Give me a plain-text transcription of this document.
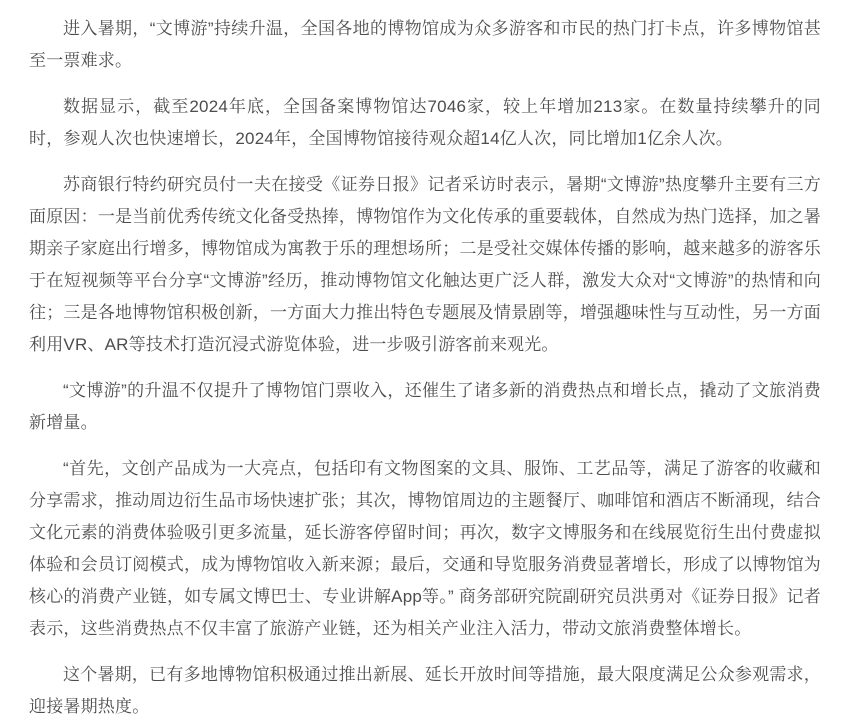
进入暑期，“文博游”持续升温，全国各地的博物馆成为众多游客和市民的热门打卡点，许多博物馆甚至一票难求。

数据显示，截至2024年底，全国备案博物馆达7046家，较上年增加213家。在数量持续攀升的同时，参观人次也快速增长，2024年，全国博物馆接待观众超14亿人次，同比增加1亿余人次。

苏商银行特约研究员付一夫在接受《证券日报》记者采访时表示，暑期“文博游”热度攀升主要有三方面原因：一是当前优秀传统文化备受热捧，博物馆作为文化传承的重要载体，自然成为热门选择，加之暑期亲子家庭出行增多，博物馆成为寓教于乐的理想场所；二是受社交媒体传播的影响，越来越多的游客乐于在短视频等平台分享“文博游”经历，推动博物馆文化触达更广泛人群，激发大众对“文博游”的热情和向往；三是各地博物馆积极创新，一方面大力推出特色专题展及情景剧等，增强趣味性与互动性，另一方面利用VR、AR等技术打造沉浸式游览体验，进一步吸引游客前来观光。

“文博游”的升温不仅提升了博物馆门票收入，还催生了诸多新的消费热点和增长点，撬动了文旅消费新增量。

“首先，文创产品成为一大亮点，包括印有文物图案的文具、服饰、工艺品等，满足了游客的收藏和分享需求，推动周边衍生品市场快速扩张；其次，博物馆周边的主题餐厅、咖啡馆和酒店不断涌现，结合文化元素的消费体验吸引更多流量，延长游客停留时间；再次，数字文博服务和在线展览衍生出付费虚拟体验和会员订阅模式，成为博物馆收入新来源；最后，交通和导览服务消费显著增长，形成了以博物馆为核心的消费产业链，如专属文博巴士、专业讲解App等。” 商务部研究院副研究员洪勇对《证券日报》记者表示，这些消费热点不仅丰富了旅游产业链，还为相关产业注入活力，带动文旅消费整体增长。

这个暑期，已有多地博物馆积极通过推出新展、延长开放时间等措施，最大限度满足公众参观需求，迎接暑期热度。
